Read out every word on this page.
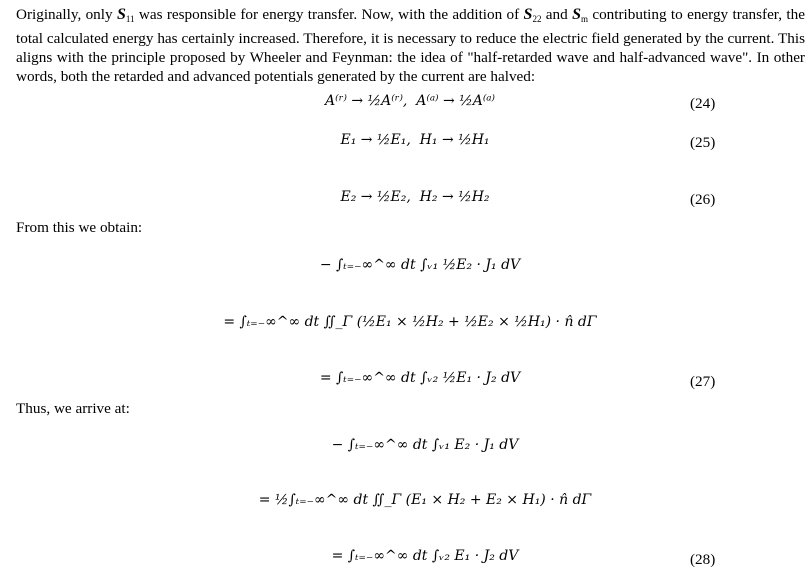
Originally, only $S_{11}$ was responsible for energy transfer. Now, with the addition of $S_{22}$ and $S_m$ contributing to energy transfer, the total calculated energy has certainly increased. Therefore, it is necessary to reduce the electric field generated by the current. This aligns with the principle proposed by Wheeler and Feynman: the idea of "half-retarded wave and half-advanced wave". In other words, both the retarded and advanced potentials generated by the current are halved:
A⁽ʳ⁾ → ½A⁽ʳ⁾,  A⁽ᵃ⁾ → ½A⁽ᵃ⁾	(24)
E₁ → ½E₁,  H₁ → ½H₁	(25)
E₂ → ½E₂,  H₂ → ½H₂	(26)
From this we obtain:
− ∫ₜ₌₋∞^∞ dt ∫ᵥ₁ ½E₂ · J₁ dV
= ∫ₜ₌₋∞^∞ dt ∬_Γ (½E₁ × ½H₂ + ½E₂ × ½H₁) · n̂ dΓ
= ∫ₜ₌₋∞^∞ dt ∫ᵥ₂ ½E₁ · J₂ dV	(27)
Thus, we arrive at:
− ∫ₜ₌₋∞^∞ dt ∫ᵥ₁ E₂ · J₁ dV
= ½∫ₜ₌₋∞^∞ dt ∬_Γ (E₁ × H₂ + E₂ × H₁) · n̂ dΓ
= ∫ₜ₌₋∞^∞ dt ∫ᵥ₂ E₁ · J₂ dV	(28)
